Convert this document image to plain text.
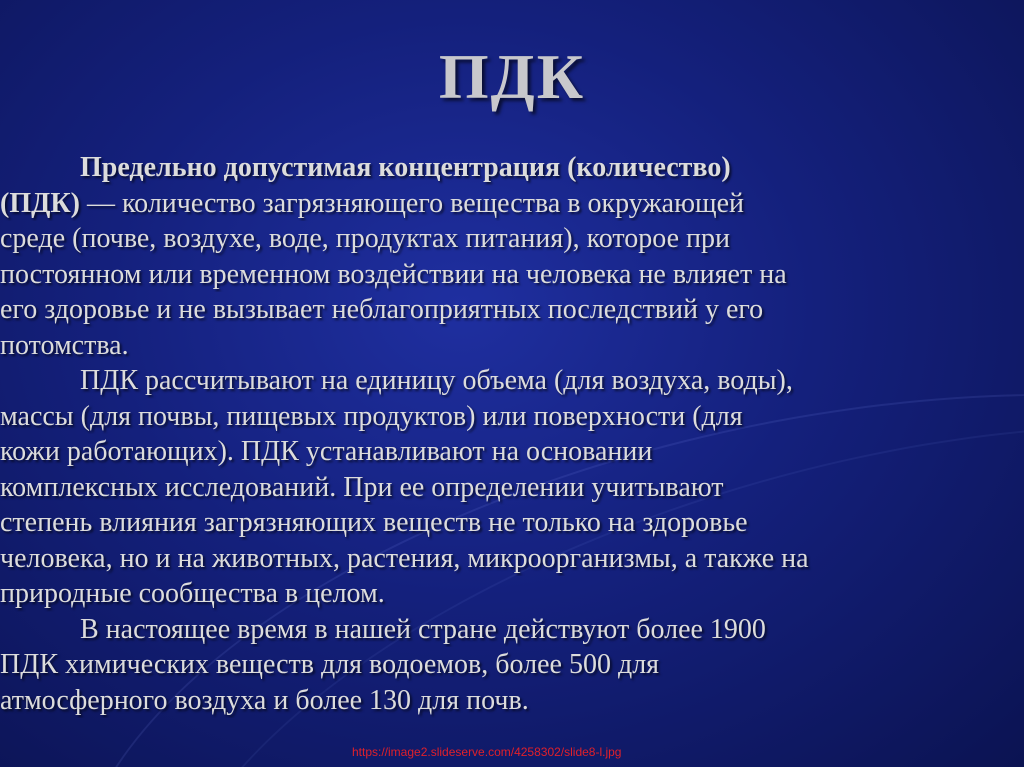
ПДК
Предельно допустимая концентрация (количество)
(ПДК) — количество загрязняющего вещества в окружающей
среде (почве, воздухе, воде, продуктах питания), которое при
постоянном или временном воздействии на человека не влияет на
его здоровье и не вызывает неблагоприятных последствий у его
потомства.
ПДК рассчитывают на единицу объема (для воздуха, воды),
массы (для почвы, пищевых продуктов) или поверхности (для
кожи работающих). ПДК устанавливают на основании
комплексных исследований. При ее определении учитывают
степень влияния загрязняющих веществ не только на здоровье
человека, но и на животных, растения, микроорганизмы, а также на
природные сообщества в целом.
В настоящее время в нашей стране действуют более 1900
ПДК химических веществ для водоемов, более 500 для
атмосферного воздуха и более 130 для почв.
https://image2.slideserve.com/4258302/slide8-l.jpg
